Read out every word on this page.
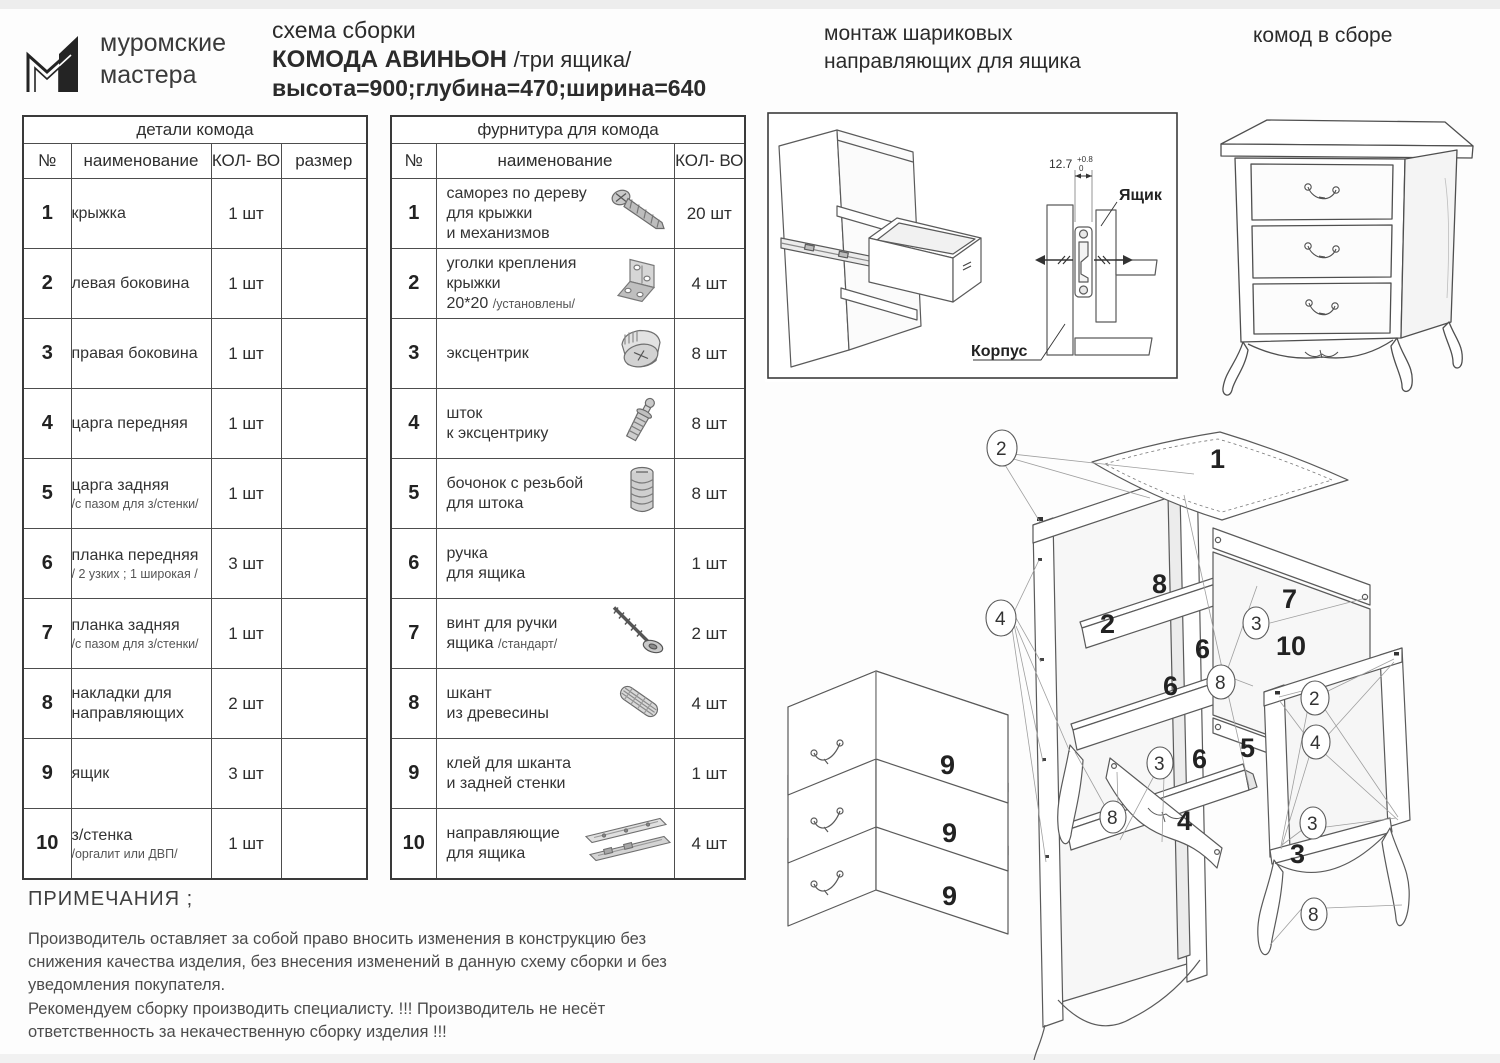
муромские
мастера
схема сборки
КОМОДА АВИНЬОН /три ящика/
высота=900;глубина=470;ширина=640
детали комода			
№	наименование	КОЛ- ВО	размер
1	крыжка	1 шт	
2	левая боковина	1 шт	
3	правая боковина	1 шт	
4	царга передняя	1 шт	
5	царга задняя
/с пазом для з/стенки/	1 шт	
6	планка передняя
/ 2 узких ; 1 широкая /	3 шт	
7	планка задняя
/с пазом для з/стенки/	1 шт	
8	накладки для направляющих	2 шт	
9	ящик	3 шт	
10	з/стенка
/оргалит или ДВП/	1 шт	
фурнитура для комода		
№	наименование	КОЛ- ВО
1	саморез по дереву
для крыжки
и механизмов	20 шт
2	уголки крепления
крыжки
20*20 /установлены/	4 шт
3	эксцентрик	8 шт
4	шток
к эксцентрику	8 шт
5	бочонок с резьбой
для штока	8 шт
6	ручка
для ящика	1 шт
7	винт для ручки
ящика /стандарт/	2 шт
8	шкант
из древесины	4 шт
9	клей для шканта
и задней стенки	1 шт
10	направляющие
для ящика	4 шт
монтаж шариковых
направляющих для ящика
12.7 +0.8
0
Ящик
Корпус
комод в сборе
1
8
2
6
6
6
7
10
5
4
3
9
9
9
2
4	3
8
2
4
3
8	3
8
ПРИМЕЧАНИЯ ;
Производитель оставляет за собой право вносить изменения в конструкцию без снижения качества изделия, без внесения изменений в данную схему сборки и без уведомления покупателя.
Рекомендуем сборку производить специалисту. !!! Производитель не несёт ответственность за некачественную сборку изделия !!!
